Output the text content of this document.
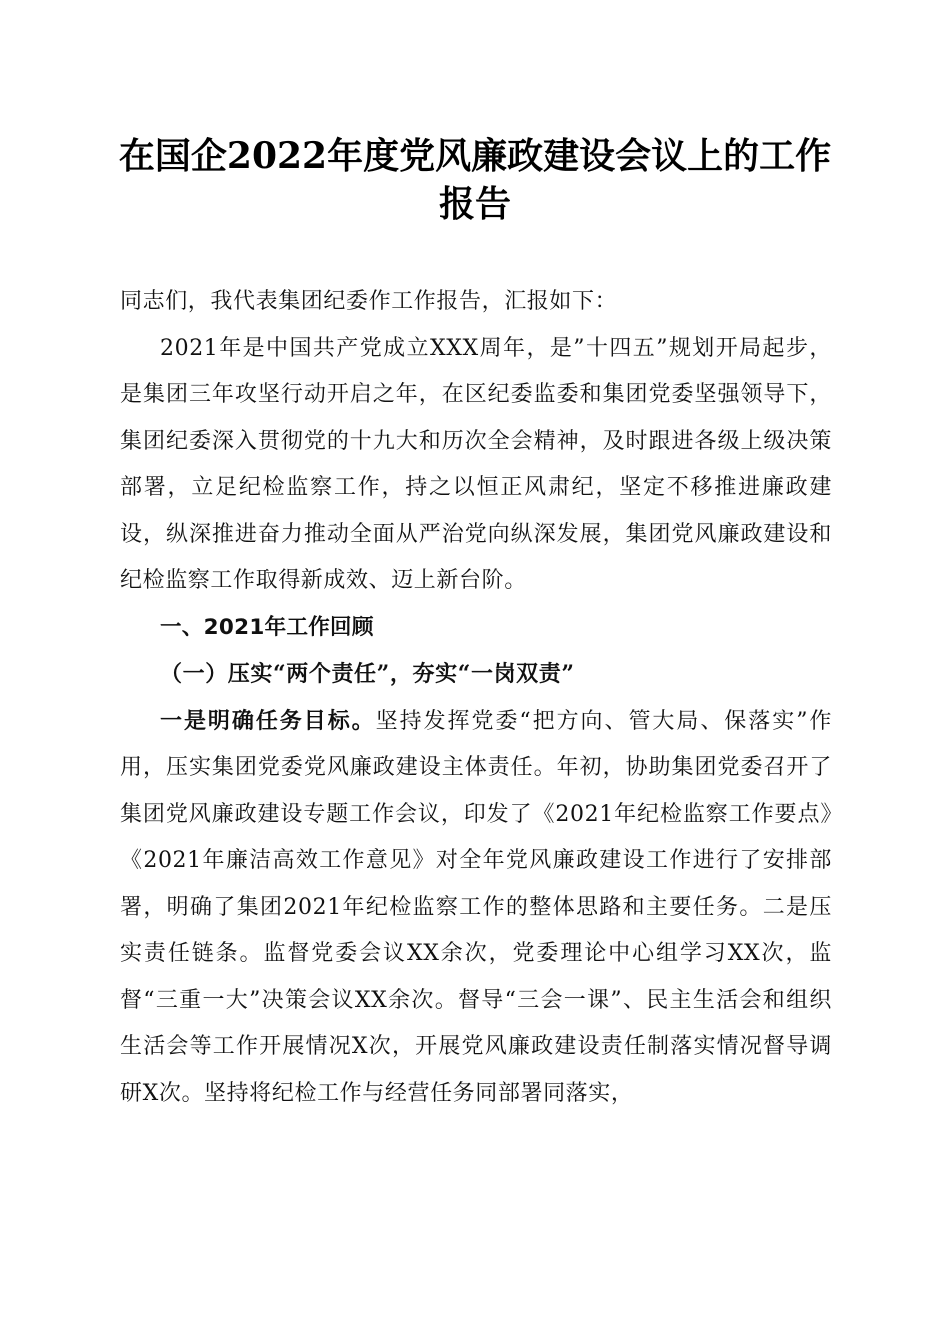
在国企2022年度党风廉政建设会议上的工作
报告

同志们，我代表集团纪委作工作报告，汇报如下：

2021年是中国共产党成立XXX周年，是”十四五”规划开局起步，是集团三年攻坚行动开启之年，在区纪委监委和集团党委坚强领导下，集团纪委深入贯彻党的十九大和历次全会精神，及时跟进各级上级决策部署，立足纪检监察工作，持之以恒正风肃纪，坚定不移推进廉政建设，纵深推进奋力推动全面从严治党向纵深发展，集团党风廉政建设和纪检监察工作取得新成效、迈上新台阶。

一、2021年工作回顾

（一）压实“两个责任”，夯实“一岗双责”

一是明确任务目标。坚持发挥党委“把方向、管大局、保落实”作用，压实集团党委党风廉政建设主体责任。年初，协助集团党委召开了集团党风廉政建设专题工作会议，印发了《2021年纪检监察工作要点》《2021年廉洁高效工作意见》对全年党风廉政建设工作进行了安排部署，明确了集团2021年纪检监察工作的整体思路和主要任务。二是压实责任链条。监督党委会议XX余次，党委理论中心组学习XX次，监督“三重一大”决策会议XX余次。督导“三会一课”、民主生活会和组织生活会等工作开展情况X次，开展党风廉政建设责任制落实情况督导调研X次。坚持将纪检工作与经营任务同部署同落实，
